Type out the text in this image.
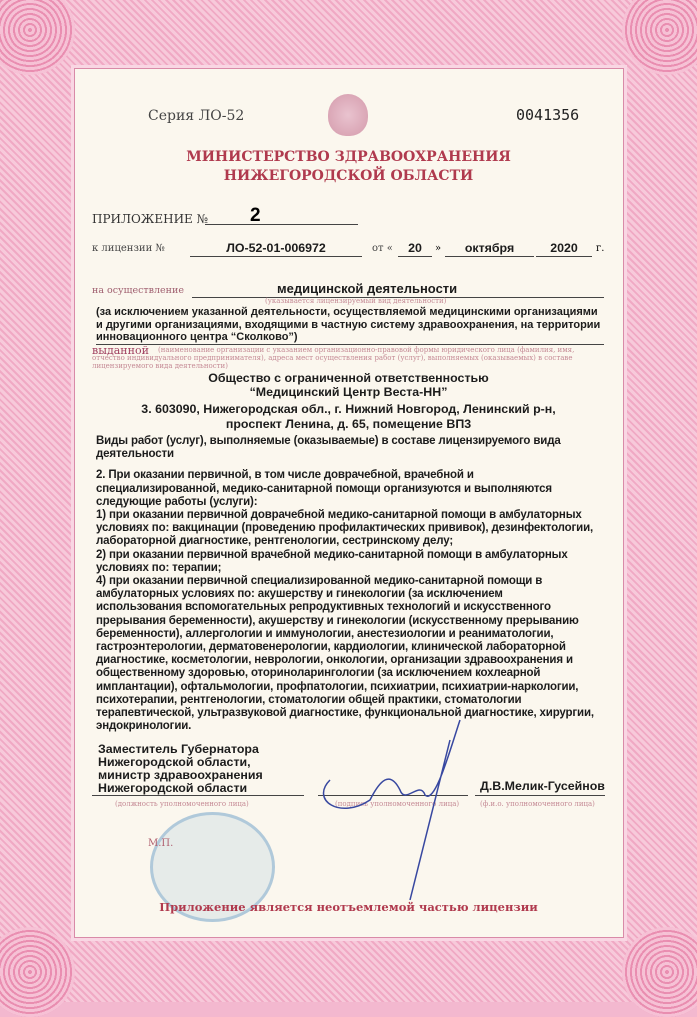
Серия ЛО-52	0041356
МИНИСТЕРСТВО ЗДРАВООХРАНЕНИЯ
НИЖЕГОРОДСКОЙ ОБЛАСТИ
ПРИЛОЖЕНИЕ №	2
к лицензии №	ЛО-52-01-006972	от «	20	»	октября	2020	г.
на осуществление	медицинской деятельности
(указывается лицензируемый вид деятельности)
(за исключением указанной деятельности, осуществляемой медицинскими организациями
и другими организациями, входящими в частную систему здравоохранения, на территории
инновационного центра “Сколково”)
выданной	(наименование организации с указанием организационно-правовой формы юридического лица (фамилия, имя, отчество индивидуального предпринимателя), адреса мест осуществления работ (услуг), выполняемых (оказываемых) в составе лицензируемого вида деятельности)
Общество с ограниченной ответственностью
“Медицинский Центр Веста-НН”
3. 603090, Нижегородская обл., г. Нижний Новгород, Ленинский р-н,
проспект Ленина, д. 65, помещение ВП3
Виды работ (услуг), выполняемые (оказываемые) в составе лицензируемого вида
деятельности
2. При оказании первичной, в том числе доврачебной, врачебной и
специализированной, медико-санитарной помощи организуются и выполняются
следующие работы (услуги):
1) при оказании первичной доврачебной медико-санитарной помощи в амбулаторных
условиях по: вакцинации (проведению профилактических прививок), дезинфектологии,
лабораторной диагностике, рентгенологии, сестринскому делу;
2) при оказании первичной врачебной медико-санитарной помощи в амбулаторных
условиях по: терапии;
4) при оказании первичной специализированной медико-санитарной помощи в
амбулаторных условиях по: акушерству и гинекологии (за исключением
использования вспомогательных репродуктивных технологий и искусственного
прерывания беременности), акушерству и гинекологии (искусственному прерыванию
беременности), аллергологии и иммунологии, анестезиологии и реаниматологии,
гастроэнтерологии, дерматовенерологии, кардиологии, клинической лабораторной
диагностике, косметологии, неврологии, онкологии, организации здравоохранения и
общественному здоровью, оториноларингологии (за исключением кохлеарной
имплантации), офтальмологии, профпатологии, психиатрии, психиатрии-наркологии,
психотерапии, рентгенологии, стоматологии общей практики, стоматологии
терапевтической, ультразвуковой диагностике, функциональной диагностике, хирургии,
эндокринологии.
Заместитель Губернатора
Нижегородской области,
министр здравоохранения
Нижегородской области	Д.В.Мелик-Гусейнов
(должность уполномоченного лица)	(подпись уполномоченного лица)	(ф.и.о. уполномоченного лица)
М.П.
Приложение является неотъемлемой частью лицензии
